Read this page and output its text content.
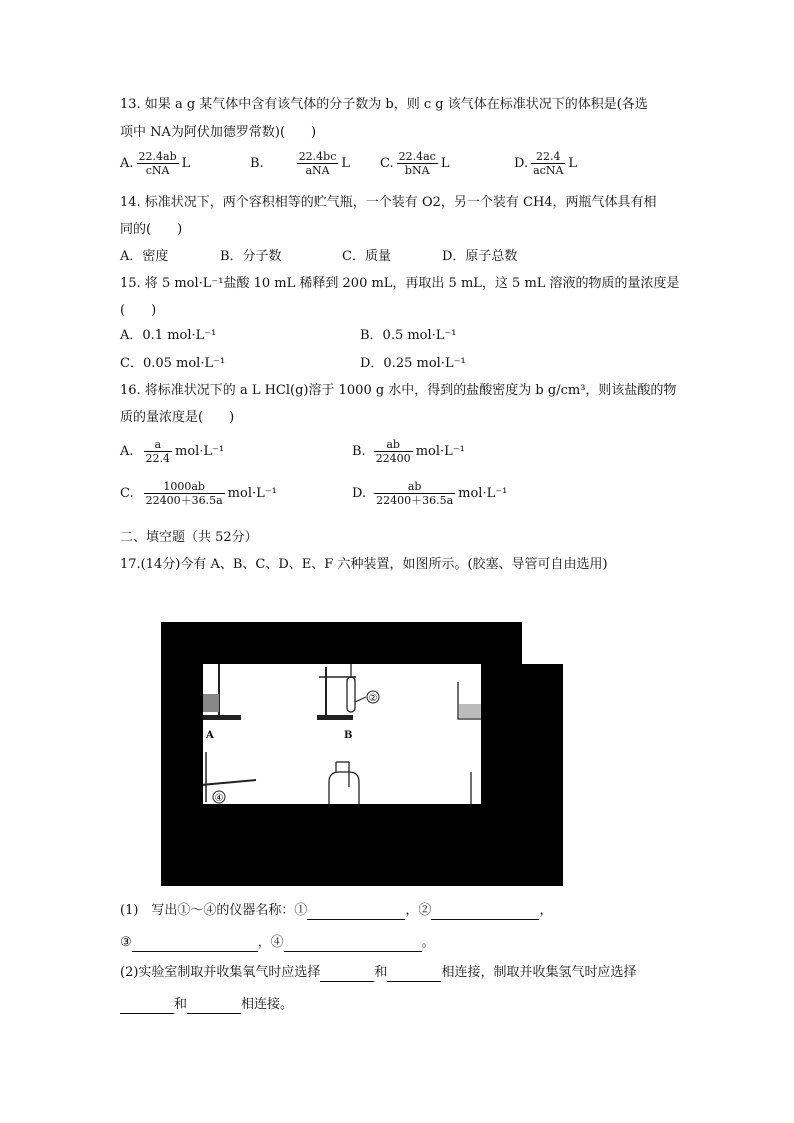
13. 如果 a g 某气体中含有该气体的分子数为 b，则 c g 该气体在标准状况下的体积是(各选
项中 NA为阿伏加德罗常数)(　　)
A. $\frac{22.4ab}{\text{cNA}}$ L	B.	$\frac{22.4bc}{\text{aNA}}$ L C. $\frac{22.4ac}{\text{bNA}}$ L	D. $\frac{22.4}{\text{acNA}}$ L
14. 标准状况下，两个容积相等的贮气瓶，一个装有 O2，另一个装有 CH4，两瓶气体具有相
同的(　　)
A．密度	B．分子数	C．质量	D．原子总数
15. 将 5 mol·L⁻¹盐酸 10 mL 稀释到 200 mL，再取出 5 mL，这 5 mL 溶液的物质的量浓度是
(　　)
A．0.1 mol·L⁻¹	B．0.5 mol·L⁻¹
C．0.05 mol·L⁻¹	D．0.25 mol·L⁻¹
16. 将标准状况下的 a L HCl(g)溶于 1000 g 水中，得到的盐酸密度为 b g/cm³，则该盐酸的物
质的量浓度是(　　)
A. $\frac{a}{22.4} mol\cdot L^{-1}$	B. $\frac{ab}{22400} mol\cdot L^{-1}$
C. $\frac{1000ab}{22400+36.5a} mol\cdot L^{-1}$	D. $\frac{ab}{22400+36.5a} mol\cdot L^{-1}$
二、填空题（共 52分）
17.(14分)今有 A、B、C、D、E、F 六种装置，如图所示。(胶塞、导管可自由选用)
②
B
A
④
(1)　写出①～④的仪器名称：①	，②	，
③	，④	。
(2)实验室制取并收集氧气时应选择	和	相连接，制取并收集氢气时应选择
和	相连接。
